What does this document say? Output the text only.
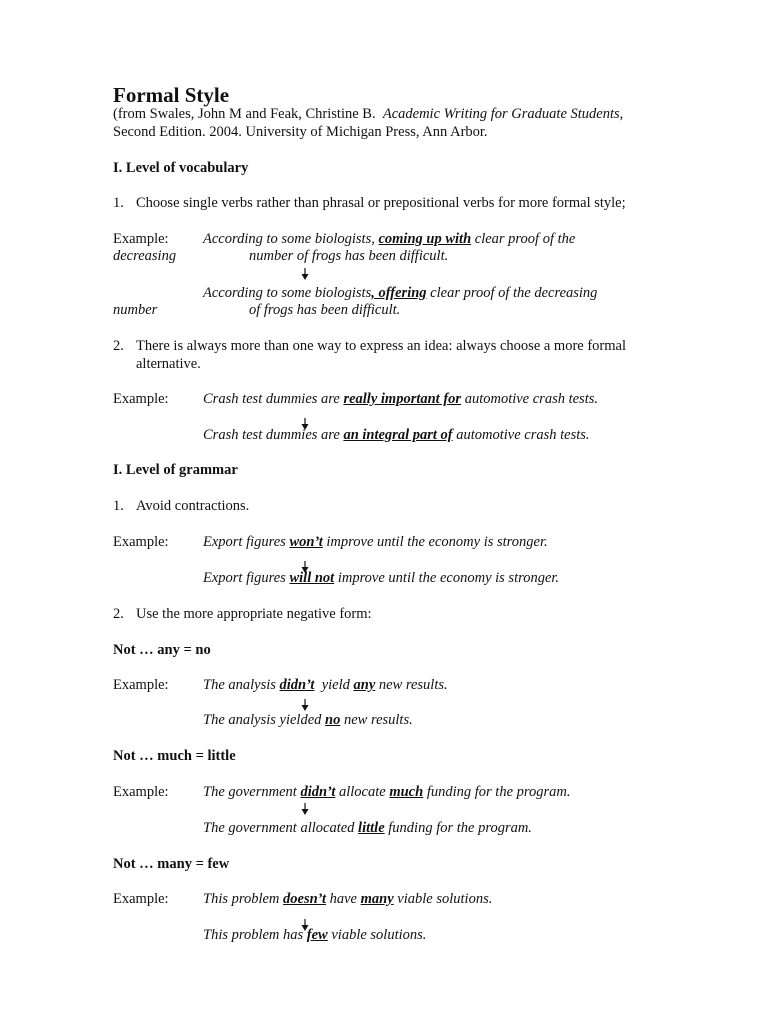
Formal Style
(from Swales, John M and Feak, Christine B. Academic Writing for Graduate Students,
Second Edition. 2004. University of Michigan Press, Ann Arbor.
I. Level of vocabulary
1. Choose single verbs rather than phrasal or prepositional verbs for more formal style;
Example: According to some biologists, coming up with clear proof of the
decreasing	number of frogs has been difficult.
According to some biologists, offering clear proof of the decreasing
number	of frogs has been difficult.
2. There is always more than one way to express an idea: always choose a more formal
alternative.
Example: Crash test dummies are really important for automotive crash tests.
Crash test dummies are an integral part of automotive crash tests.
I. Level of grammar
1. Avoid contractions.
Example: Export figures won’t improve until the economy is stronger.
Export figures will not improve until the economy is stronger.
2. Use the more appropriate negative form:
Not … any = no
Example: The analysis didn’t yield any new results.
The analysis yielded no new results.
Not … much = little
Example: The government didn’t allocate much funding for the program.
The government allocated little funding for the program.
Not … many = few
Example: This problem doesn’t have many viable solutions.
This problem has few viable solutions.
